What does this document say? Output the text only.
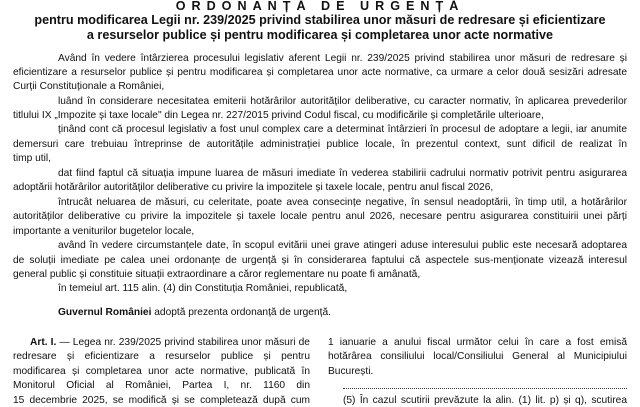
ORDONANȚĂ DE URGENȚĂ
pentru modificarea Legii nr. 239/2025 privind stabilirea unor măsuri de redresare și eficientizare
a resurselor publice și pentru modificarea și completarea unor acte normative
Având în vedere întârzierea procesului legislativ aferent Legii nr. 239/2025 privind stabilirea unor măsuri de redresare și
eficientizare a resurselor publice și pentru modificarea și completarea unor acte normative, ca urmare a celor două sesizări adresate
Curții Constituționale a României,
luând în considerare necesitatea emiterii hotărârilor autorităților deliberative, cu caracter normativ, în aplicarea prevederilor
titlului IX „Impozite și taxe locale" din Legea nr. 227/2015 privind Codul fiscal, cu modificările și completările ulterioare,
ținând cont că procesul legislativ a fost unul complex care a determinat întârzieri în procesul de adoptare a legii, iar anumite
demersuri care trebuiau întreprinse de autoritățile administrației publice locale, în prezentul context, sunt dificil de realizat în
timp util,
dat fiind faptul că situația impune luarea de măsuri imediate în vederea stabilirii cadrului normativ potrivit pentru asigurarea
adoptării hotărârilor autorităților deliberative cu privire la impozitele și taxele locale, pentru anul fiscal 2026,
întrucât neluarea de măsuri, cu celeritate, poate avea consecințe negative, în sensul neadoptării, în timp util, a hotărârilor
autorităților deliberative cu privire la impozitele și taxele locale pentru anul 2026, necesare pentru asigurarea constituirii unei părți
importante a veniturilor bugetelor locale,
având în vedere circumstanțele date, în scopul evitării unei grave atingeri aduse interesului public este necesară adoptarea
de soluții imediate pe calea unei ordonanțe de urgență și în considerarea faptului că aspectele sus-menționate vizează interesul
general public și constituie situații extraordinare a căror reglementare nu poate fi amânată,
în temeiul art. 115 alin. (4) din Constituția României, republicată,
Guvernul României adoptă prezenta ordonanță de urgență.
Art. I. — Legea nr. 239/2025 privind stabilirea unor măsuri de
redresare și eficientizare a resurselor publice și pentru
modificarea și completarea unor acte normative, publicată în
Monitorul Oficial al României, Partea I, nr. 1160 din
15 decembrie 2025, se modifică și se completează după cum
1 ianuarie a anului fiscal următor celui în care a fost emisă
hotărârea consiliului local/Consiliului General al Municipiului
București.
(5) În cazul scutirii prevăzute la alin. (1) lit. p) și q), scutirea
